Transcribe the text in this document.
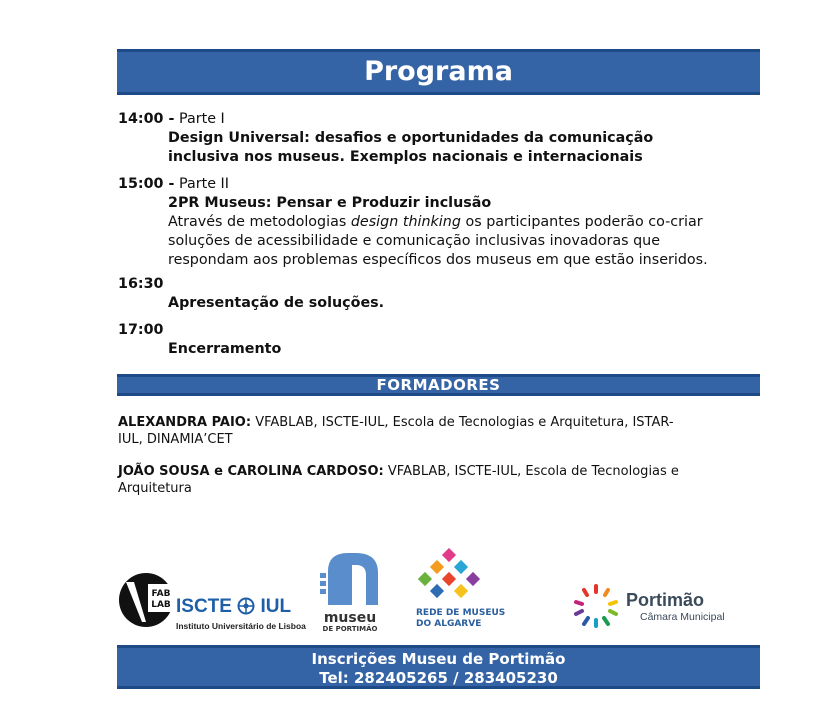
Programa
14:00 - Parte I
Design Universal: desafios e oportunidades da comunicação
inclusiva nos museus. Exemplos nacionais e internacionais
15:00 - Parte II
2PR Museus: Pensar e Produzir inclusão
Através de metodologias design thinking os participantes poderão co-criar
soluções de acessibilidade e comunicação inclusivas inovadoras que
respondam aos problemas específicos dos museus em que estão inseridos.
16:30
Apresentação de soluções.
17:00
Encerramento
FORMADORES
ALEXANDRA PAIO: VFABLAB, ISCTE-IUL, Escola de Tecnologias e Arquitetura, ISTAR-
IUL, DINAMIA’CET
JOÃO SOUSA e CAROLINA CARDOSO: VFABLAB, ISCTE-IUL, Escola de Tecnologias e
Arquitetura
FAB
LAB ISCTE IUL
Instituto Universitário de Lisboa	museu
DE PORTIMÃO
REDE DE MUSEUS
DO ALGARVE
Portimão
Câmara Municipal
Inscrições Museu de Portimão
Tel: 282405265 / 283405230
